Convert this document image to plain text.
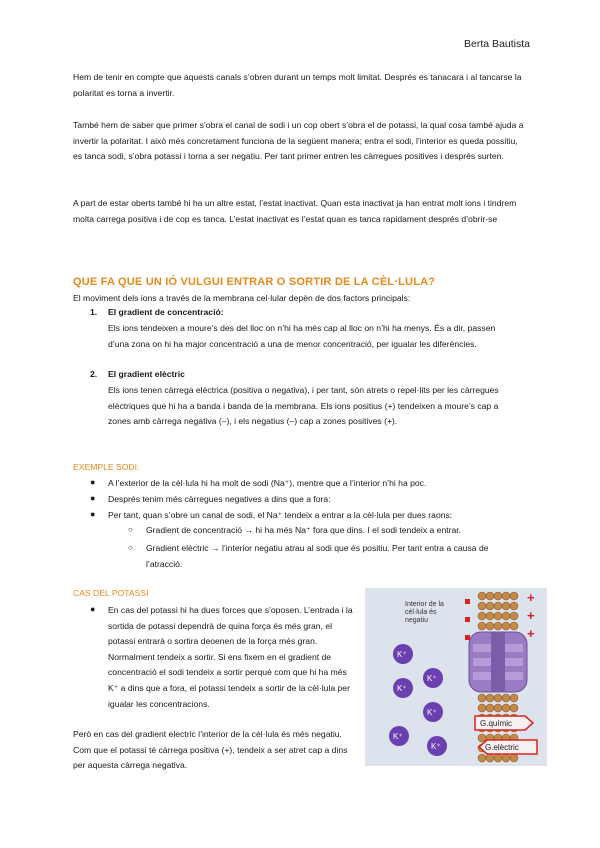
Berta Bautista
Hem de tenir en compte que aquests canals s’obren durant un temps molt limitat. Després es tanacara i al tancarse la polaritat es torna a invertir.
També hem de saber que primer s’obra el canal de sodi i un cop obert s’obra el de potassi, la qual cosa també ajuda a invertir la polaritat. I això més concretament funciona de la següent manera; entra el sodi, l’interior es queda possitiu, es tanca sodi, s’obra potassi i torna a ser negatiu. Per tant primer entren les càrregues positives i després surten.
A part de estar oberts també hi ha un altre estat, l’estat inactivat. Quan esta inactivat ja han entrat molt ions i tindrem molta carrega positiva i de cop es tanca. L’estat inactivat es l’estat quan es tanca rapidament després d’obrir-se
QUE FA QUE UN IÓ VULGUI ENTRAR O SORTIR DE LA CÈL·LULA?
El moviment dels ions a través de la membrana cel·lular depèn de dos factors principals:
1. El gradient de concentració:
Els ions tendeixen a moure’s des del lloc on n’hi ha més cap al lloc on n’hi ha menys. És a dir, passen d’una zona on hi ha major concentració a una de menor concentració, per igualar les diferències.
2. El gradient elèctric
Els ions tenen càrrega elèctrica (positiva o negativa), i per tant, són atrets o repel·lits per les càrregues elèctriques que hi ha a banda i banda de la membrana. Els ions positius (+) tendeixen a moure’s cap a zones amb càrrega negativa (–), i els negatius (–) cap a zones positives (+).
EXEMPLE SODI:
● A l’exterior de la cèl·lula hi ha molt de sodi (Na⁺), mentre que a l’interior n’hi ha poc.
● Després tenim més càrregues negatives a dins que a fora:
● Per tant, quan s’obre un canal de sodi, el Na⁺ tendeix a entrar a la cèl·lula per dues raons:
○ Gradient de concentració → hi ha més Na⁺ fora que dins. I el sodi tendeix a entrar.
○ Gradient elèctric → l’interior negatiu atrau al sodi que és positiu. Per tant entra a causa de l’atracció.
CAS DEL POTASSI
● En cas del potassi hi ha dues forces que s’oposen. L’entrada i la sortida de potassi dependrà de quina força és més gran, el potassi entrarà o sortira deoenen de la força més gran. Normalment tendeix a sortir. Si ens fixem en el gradient de concentració el sodi tendeix a sortir perquè com que hi ha més K⁺ a dins que a fora, el potassi tendeix a sortir de la cèl·lula per igualar les concentracions.
Però en cas del gradient electric l’interior de la cèl·lula és més negatiu. Com que el potassi té càrrega positiva (+), tendeix a ser atret cap a dins per aquesta càrrega negativa.
+
+
+
Interior de la
cèl·lula és
negatiu
K⁺
K⁺
K⁺
K⁺
K⁺
K⁺
G.químic
G.elèctric
